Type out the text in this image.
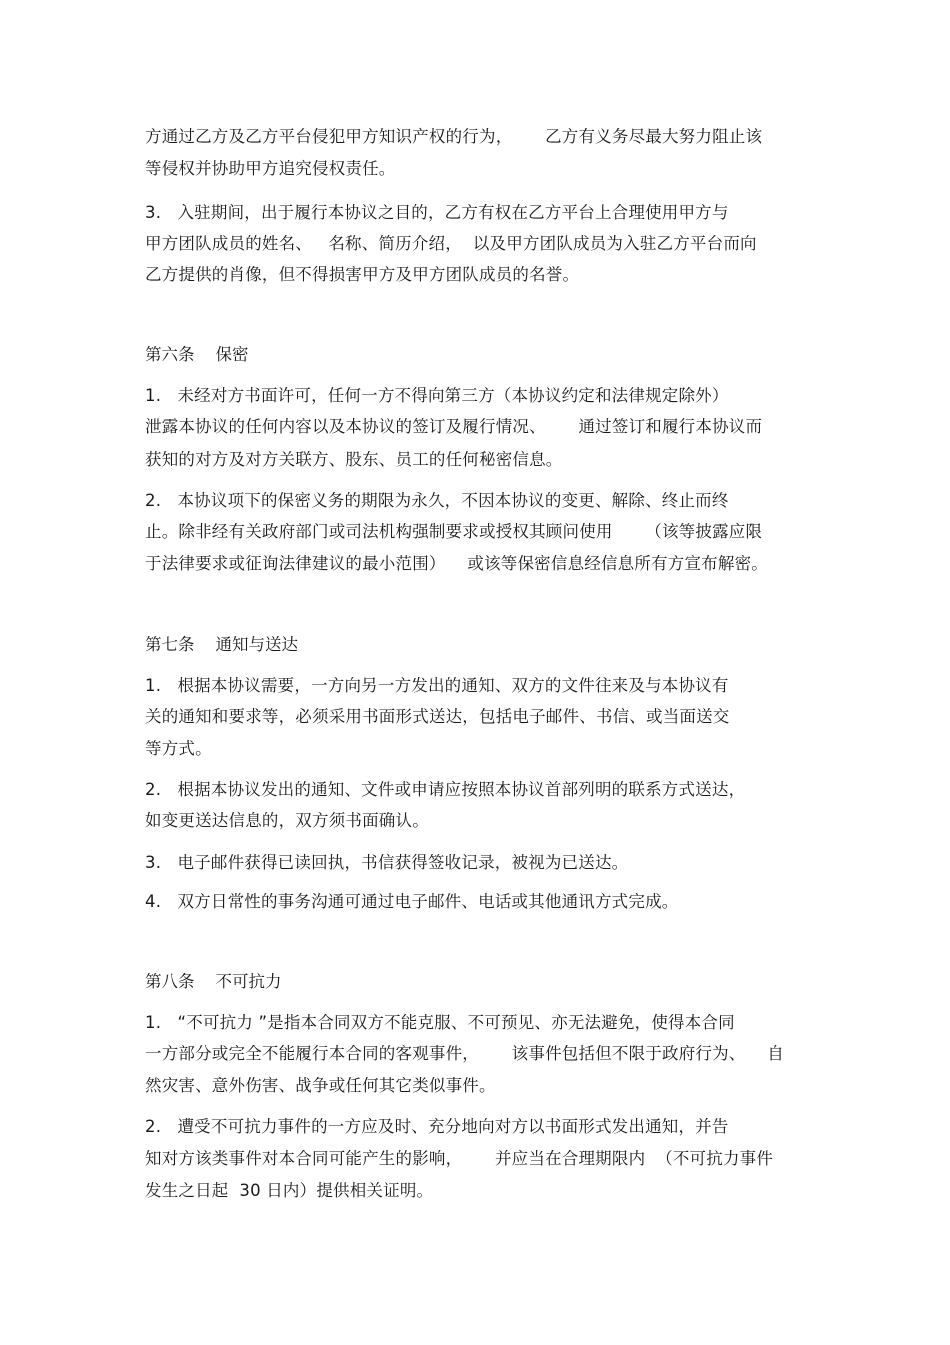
方通过乙方及乙方平台侵犯甲方知识产权的行为，      乙方有义务尽最大努力阻止该
等侵权并协助甲方追究侵权责任。
3.   入驻期间，出于履行本协议之目的，乙方有权在乙方平台上合理使用甲方与
甲方团队成员的姓名、   名称、简历介绍，  以及甲方团队成员为入驻乙方平台而向
乙方提供的肖像，但不得损害甲方及甲方团队成员的名誉。
第六条    保密
1.   未经对方书面许可，任何一方不得向第三方（本协议约定和法律规定除外）
泄露本协议的任何内容以及本协议的签订及履行情况、      通过签订和履行本协议而
获知的对方及对方关联方、股东、员工的任何秘密信息。
2.   本协议项下的保密义务的期限为永久，不因本协议的变更、解除、终止而终
止。除非经有关政府部门或司法机构强制要求或授权其顾问使用      （该等披露应限
于法律要求或征询法律建议的最小范围）    或该等保密信息经信息所有方宣布解密。
第七条    通知与送达
1.   根据本协议需要，一方向另一方发出的通知、双方的文件往来及与本协议有
关的通知和要求等，必须采用书面形式送达，包括电子邮件、书信、或当面送交
等方式。
2.   根据本协议发出的通知、文件或申请应按照本协议首部列明的联系方式送达，
如变更送达信息的，双方须书面确认。
3.   电子邮件获得已读回执，书信获得签收记录，被视为已送达。
4.   双方日常性的事务沟通可通过电子邮件、电话或其他通讯方式完成。
第八条    不可抗力
1.   “不可抗力 ”是指本合同双方不能克服、不可预见、亦无法避免，使得本合同
一方部分或完全不能履行本合同的客观事件，      该事件包括但不限于政府行为、    自
然灾害、意外伤害、战争或任何其它类似事件。
2.   遭受不可抗力事件的一方应及时、充分地向对方以书面形式发出通知，并告
知对方该类事件对本合同可能产生的影响，      并应当在合理期限内  （不可抗力事件
发生之日起  30 日内）提供相关证明。
